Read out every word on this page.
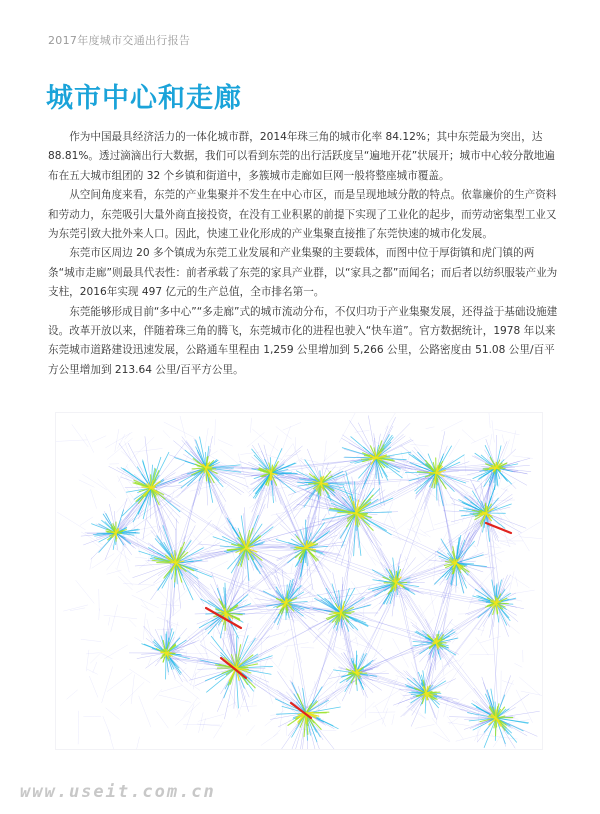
2017年度城市交通出行报告
城市中心和走廊

作为中国最具经济活力的一体化城市群，2014年珠三角的城市化率 84.12%；其中东莞最为突出，达88.81%。透过滴滴出行大数据，我们可以看到东莞的出行活跃度呈“遍地开花”状展开；城市中心较分散地遍布在五大城市组团的 32 个乡镇和街道中，多簇城市走廊如巨网一般将整座城市覆盖。

从空间角度来看，东莞的产业集聚并不发生在中心市区，而是呈现地域分散的特点。依靠廉价的生产资料和劳动力，东莞吸引大量外商直接投资，在没有工业积累的前提下实现了工业化的起步，而劳动密集型工业又为东莞引致大批外来人口。因此，快速工业化形成的产业集聚直接推了东莞快速的城市化发展。

东莞市区周边 20 多个镇成为东莞工业发展和产业集聚的主要载体，而图中位于厚街镇和虎门镇的两条“城市走廊”则最具代表性：前者承载了东莞的家具产业群，以“家具之都”而闻名；而后者以纺织服装产业为支柱，2016年实现 497 亿元的生产总值，全市排名第一。

东莞能够形成目前“多中心”“多走廊”式的城市流动分布，不仅归功于产业集聚发展，还得益于基础设施建设。改革开放以来，伴随着珠三角的腾飞，东莞城市化的进程也驶入“快车道”。官方数据统计，1978 年以来东莞城市道路建设迅速发展，公路通车里程由 1,259 公里增加到 5,266 公里，公路密度由 51.08 公里/百平方公里增加到 213.64 公里/百平方公里。

www.useit.com.cn
